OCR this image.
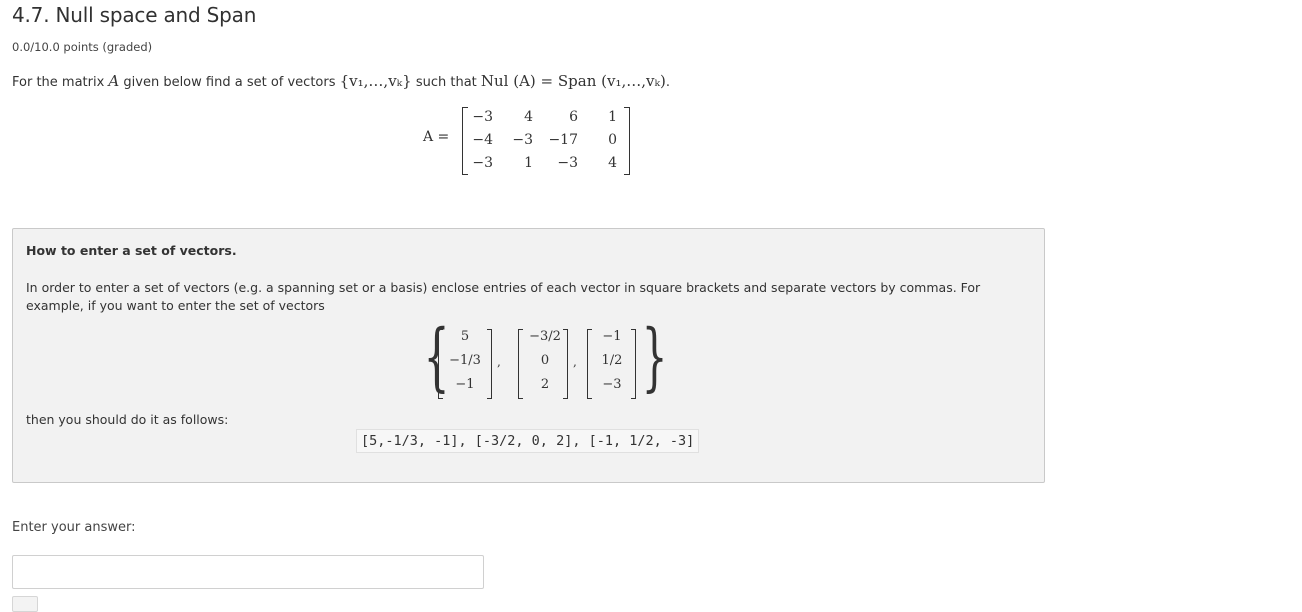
4.7. Null space and Span
0.0/10.0 points (graded)
For the matrix A given below find a set of vectors {v₁,…,vₖ} such that Nul (A) = Span (v₁,…,vₖ).
A =
−3	4	6	1
−4	−3	−17	0
−3	1	−3	4
How to enter a set of vectors.
In order to enter a set of vectors (e.g. a spanning set or a basis) enclose entries of each vector in square brackets and separate vectors by commas. For example, if you want to enter the set of vectors
{ 5
−1/3
−1
,
−3/2
0
2
,
−1
1/2
−3 }
then you should do it as follows:
[5,-1/3, -1], [-3/2, 0, 2], [-1, 1/2, -3]
Enter your answer:
